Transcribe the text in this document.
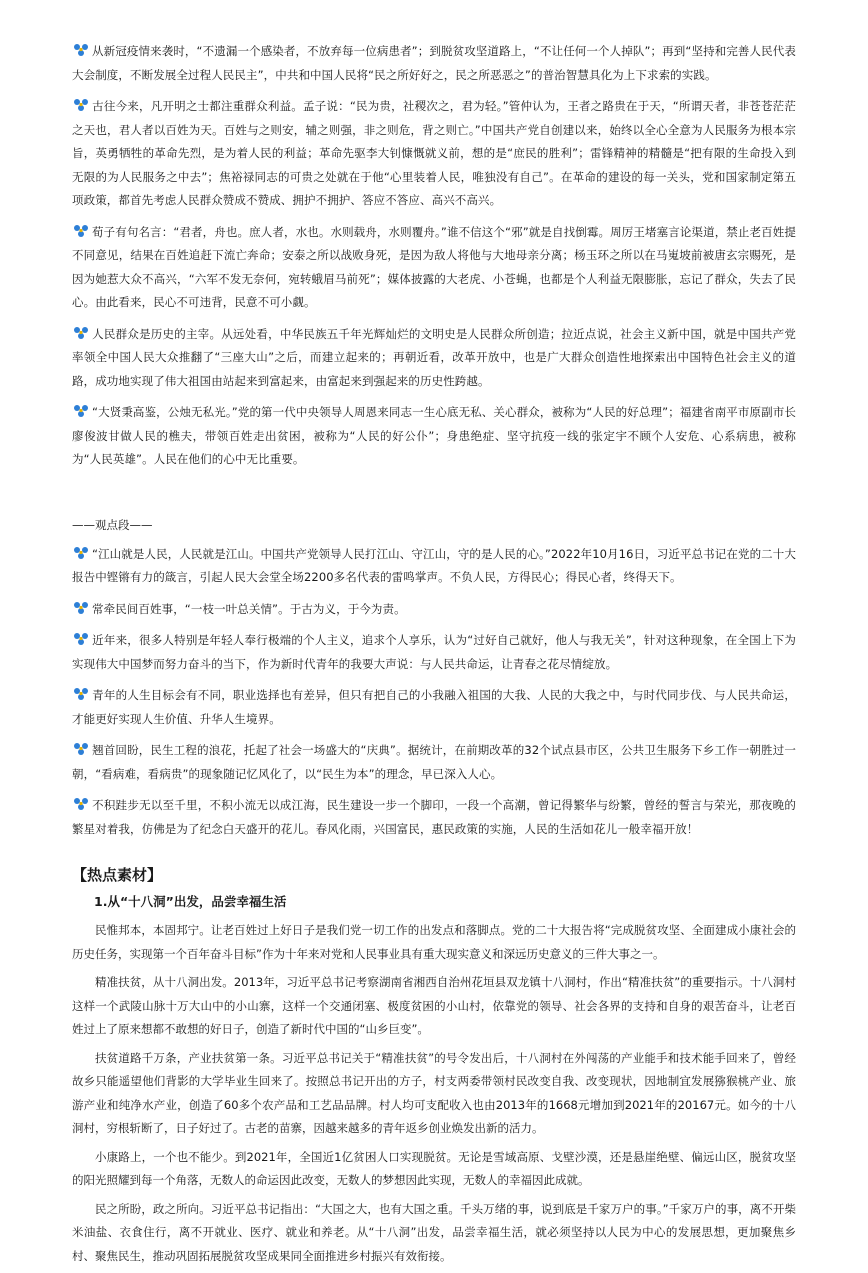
从新冠疫情来袭时，“不遗漏一个感染者，不放弃每一位病患者”；到脱贫攻坚道路上，“不让任何一个人掉队”；再到“坚持和完善人民代表大会制度，不断发展全过程人民民主”，中共和中国人民将“民之所好好之，民之所恶恶之”的普治智慧具化为上下求索的实践。

古往今来，凡开明之士都注重群众利益。孟子说：“民为贵，社稷次之，君为轻。”管仲认为，王者之路贵在于天，“所谓天者，非苍苍茫茫之天也，君人者以百姓为天。百姓与之则安，辅之则强，非之则危，背之则亡。”中国共产党自创建以来，始终以全心全意为人民服务为根本宗旨，英勇牺牲的革命先烈，是为着人民的利益；革命先驱李大钊慷慨就义前，想的是“庶民的胜利”；雷锋精神的精髓是“把有限的生命投入到无限的为人民服务之中去”；焦裕禄同志的可贵之处就在于他“心里装着人民，唯独没有自己”。在革命的建设的每一关头，党和国家制定第五项政策，都首先考虑人民群众赞成不赞成、拥护不拥护、答应不答应、高兴不高兴。

荀子有句名言：“君者，舟也。庶人者，水也。水则载舟，水则覆舟。”谁不信这个“邪”就是自找倒霉。周厉王堵塞言论渠道，禁止老百姓提不同意见，结果在百姓追赶下流亡奔命；安泰之所以战败身死，是因为敌人将他与大地母亲分离；杨玉环之所以在马嵬坡前被唐玄宗赐死，是因为她惹大众不高兴，“六军不发无奈何，宛转蛾眉马前死”；媒体披露的大老虎、小苍蝇，也都是个人利益无限膨胀，忘记了群众，失去了民心。由此看来，民心不可违背，民意不可小觑。

人民群众是历史的主宰。从远处看，中华民族五千年光辉灿烂的文明史是人民群众所创造；拉近点说，社会主义新中国，就是中国共产党率领全中国人民大众推翻了“三座大山”之后，而建立起来的；再朝近看，改革开放中，也是广大群众创造性地探索出中国特色社会主义的道路，成功地实现了伟大祖国由站起来到富起来，由富起来到强起来的历史性跨越。

“大贤秉高鉴，公烛无私光。”党的第一代中央领导人周恩来同志一生心底无私、关心群众，被称为“人民的好总理”；福建省南平市原副市长廖俊波甘做人民的樵夫，带领百姓走出贫困，被称为“人民的好公仆”；身患绝症、坚守抗疫一线的张定宇不顾个人安危、心系病患，被称为“人民英雄”。人民在他们的心中无比重要。

——观点段——

“江山就是人民，人民就是江山。中国共产党领导人民打江山、守江山，守的是人民的心。”2022年10月16日，习近平总书记在党的二十大报告中铿锵有力的箴言，引起人民大会堂全场2200多名代表的雷鸣掌声。不负人民，方得民心；得民心者，终得天下。

常牵民间百姓事，“一枝一叶总关情”。于古为义，于今为责。

近年来，很多人特别是年轻人奉行极端的个人主义，追求个人享乐，认为“过好自己就好，他人与我无关”，针对这种现象，在全国上下为实现伟大中国梦而努力奋斗的当下，作为新时代青年的我要大声说：与人民共命运，让青春之花尽情绽放。

青年的人生目标会有不同，职业选择也有差异，但只有把自己的小我融入祖国的大我、人民的大我之中，与时代同步伐、与人民共命运，才能更好实现人生价值、升华人生境界。

翘首回盼，民生工程的浪花，托起了社会一场盛大的“庆典”。据统计，在前期改革的32个试点县市区，公共卫生服务下乡工作一朝胜过一朝，“看病难，看病贵”的现象随记忆风化了，以“民生为本”的理念，早已深入人心。

不积跬步无以至千里，不积小流无以成江海，民生建设一步一个脚印，一段一个高潮，曾记得繁华与纷繁，曾经的誓言与荣光，那夜晚的繁星对着我，仿佛是为了纪念白天盛开的花儿。春风化雨，兴国富民，惠民政策的实施，人民的生活如花儿一般幸福开放！

【热点素材】
1.从“十八洞”出发，品尝幸福生活

民惟邦本，本固邦宁。让老百姓过上好日子是我们党一切工作的出发点和落脚点。党的二十大报告将“完成脱贫攻坚、全面建成小康社会的历史任务，实现第一个百年奋斗目标”作为十年来对党和人民事业具有重大现实意义和深远历史意义的三件大事之一。

精准扶贫，从十八洞出发。2013年，习近平总书记考察湖南省湘西自治州花垣县双龙镇十八洞村，作出“精准扶贫”的重要指示。十八洞村这样一个武陵山脉十万大山中的小山寨，这样一个交通闭塞、极度贫困的小山村，依靠党的领导、社会各界的支持和自身的艰苦奋斗，让老百姓过上了原来想都不敢想的好日子，创造了新时代中国的“山乡巨变”。

扶贫道路千万条，产业扶贫第一条。习近平总书记关于“精准扶贫”的号令发出后，十八洞村在外闯荡的产业能手和技术能手回来了，曾经故乡只能遥望他们背影的大学毕业生回来了。按照总书记开出的方子，村支两委带领村民改变自我、改变现状，因地制宜发展猕猴桃产业、旅游产业和纯净水产业，创造了60多个农产品和工艺品品牌。村人均可支配收入也由2013年的1668元增加到2021年的20167元。如今的十八洞村，穷根斩断了，日子好过了。古老的苗寨，因越来越多的青年返乡创业焕发出新的活力。

小康路上，一个也不能少。到2021年，全国近1亿贫困人口实现脱贫。无论是雪域高原、戈壁沙漠，还是悬崖绝壁、偏远山区，脱贫攻坚的阳光照耀到每一个角落，无数人的命运因此改变，无数人的梦想因此实现，无数人的幸福因此成就。

民之所盼，政之所向。习近平总书记指出：“大国之大，也有大国之重。千头万绪的事，说到底是千家万户的事。”千家万户的事，离不开柴米油盐、衣食住行，离不开就业、医疗、就业和养老。从“十八洞”出发，品尝幸福生活，就必须坚持以人民为中心的发展思想，更加聚焦乡村、聚焦民生，推动巩固拓展脱贫攻坚成果同全面推进乡村振兴有效衔接。
